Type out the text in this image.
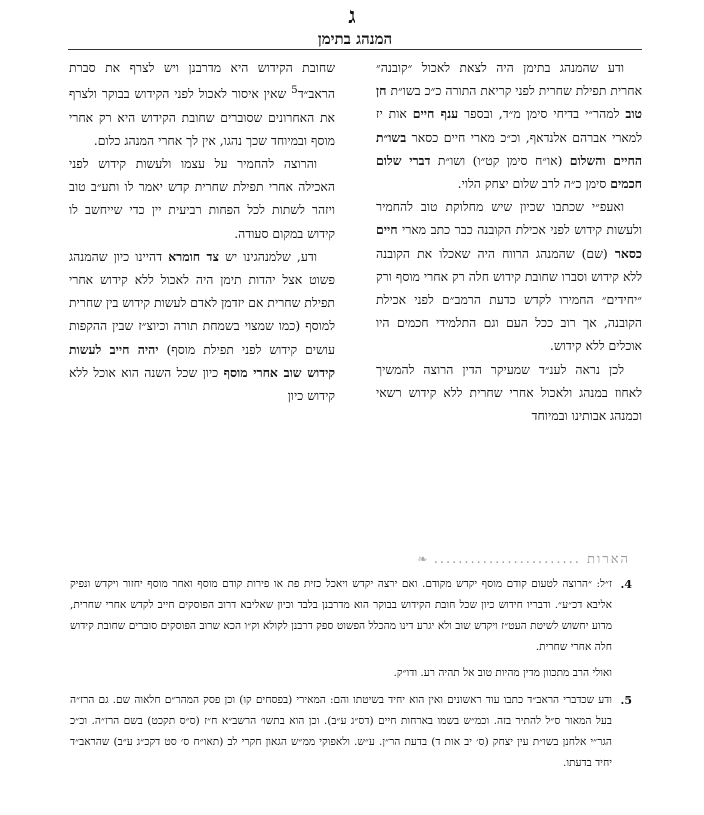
ג
המנהג בתימן

ודע שהמנהג בתימן היה לצאת לאכול ״קובנה״ אחרית תפילת שחרית לפני קריאת התורה כ״כ בשו״ת חן טוב למהר״י בדיחי סימן מ״ד, ובספר ענף חיים אות יז למארי אברהם אלנדאף, וכ״כ מארי חיים כסאר בשו״ת החיים והשלום (או״ח סימן קט״ו) ושו״ת דברי שלום חכמים סימן כ״ה לרב שלום יצחק הלוי.

ואעפ״י שכתבו שכיון שיש מחלוקת טוב להחמיר ולעשות קידוש לפני אכילת הקובנה כבר כתב מארי חיים כסאר (שם) שהמנהג הרווח היה שאכלו את הקובנה ללא קידוש וסברו שחובת קידוש חלה רק אחרי מוסף ורק ״יחידים״ החמירו לקדש כדעת הרמב״ם לפני אכילת הקובנה, אך רוב ככל העם וגם התלמידי חכמים היו אוכלים ללא קידוש.

לכן נראה לענ״ד שמעיקר הדין הרוצה להמשיך לאחוז במנהג ולאכול אחרי שחרית ללא קידוש רשאי וכמנהג אבותינו ובמיוחד

שחובת הקידוש היא מדרבנן ויש לצרף את סברת הראב״ד$^5$ שאין איסור לאכול לפני הקידוש בבוקר ולצרף את האחרונים שסוברים שחובת הקידוש היא רק אחרי מוסף ובמיוחד שכך נהגו, אין לך אחרי המנהג כלום.

והרוצה להחמיר על עצמו ולעשות קידוש לפני האכילה אחרי תפילת שחרית קדש יאמר לו ותע״ב טוב ויזהר לשתות לכל הפחות רביעית יין כדי שייחשב לו קידוש במקום סעודה.

ודע, שלמנהגינו יש צד חומרא דהיינו כיון שהמנהג פשוט אצל יהדות תימן היה לאכול ללא קידוש אחרי תפילת שחרית אם יזדמן לאדם לעשות קידוש בין שחרית למוסף (כמו שמצוי בשמחת תורה וכיוצ״ז שבין ההקפות עושים קידוש לפני תפילת מוסף) יהיה חייב לעשות קידוש שוב אחרי מוסף כיון שכל השנה הוא אוכל ללא קידוש כיון

הארות ........................ ❧
4.

ז״ל: ״הרוצה לטעום קודם מוסף יקדש מקודם. ואם ירצה יקדש ויאכל כזית פת או פירות קודם מוסף ואחר מוסף יחזור ויקדש ונפיק אליבא דכ״ע״. ודבריו חידוש כיון שכל חובת הקידוש בבוקר הוא מדרבנן בלבד וכיון שאליבא דרוב הפוסקים חייב לקדש אחרי שחרית, מדוע יחשוש לשיטת העט״ז ויקדש שוב ולא יגרע דינו מהכלל הפשוט ספק דרבנן לקולא וק״ו הכא שרוב הפוסקים סוברים שחובת קידוש חלה אחרי שחרית.

ואולי הרב מתכוון מדין מהיות טוב אל תהיה רע. ודו״ק.

5.

ודע שכדברי הראב״ד כתבו עוד ראשונים ואין הוא יחיד בשיטתו והם: המאירי (בפסחים קו) וכן פסק המהר״ם חלאוה שם. גם הרז״ה בעל המאור ס״ל להתיר בזה. וכמ״ש בשמו בארחות חיים (דס״ג ע״ב). וכן הוא בתשו׳ הרשב״א ח״ז (ס״ס תקכט) בשם הרז״ה. וכ״כ הגר״י אלחנן בשו״ת עין יצחק (ס׳ יב אות ד) בדעת הר״ן. ע״ש. ולאפוקי ממ״ש הגאון חקרי לב (תאו״ח ס׳ סט דקכ״ג ע״ב) שהראב״ד יחיד בדעתו.
